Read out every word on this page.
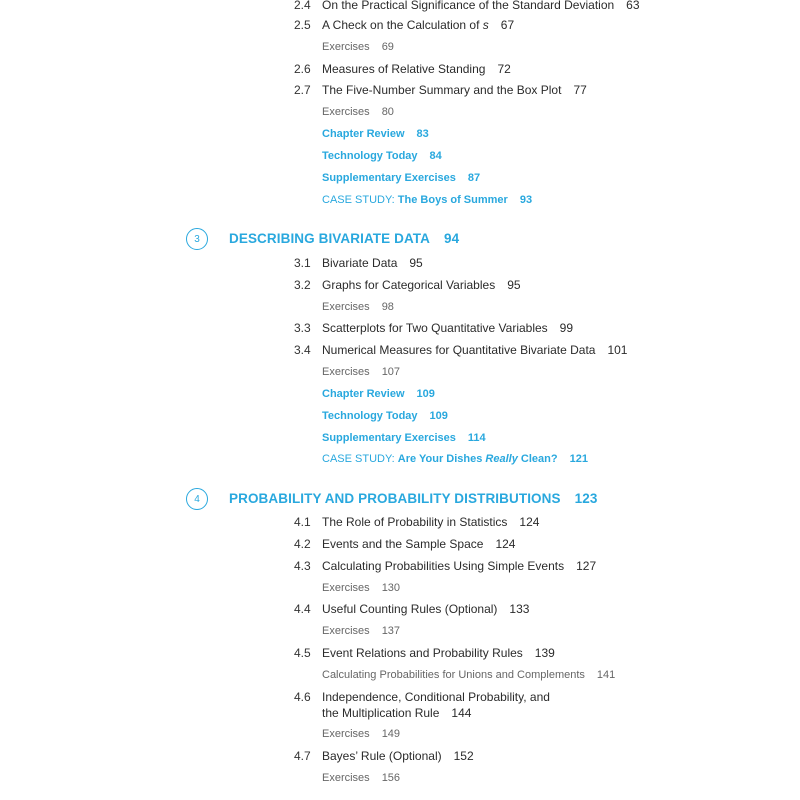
2.4 On the Practical Significance of the Standard Deviation 63
2.5 A Check on the Calculation of s 67
Exercises 69
2.6 Measures of Relative Standing 72
2.7 The Five-Number Summary and the Box Plot 77
Exercises 80
Chapter Review 83
Technology Today 84
Supplementary Exercises 87
CASE STUDY: The Boys of Summer 93
3	DESCRIBING BIVARIATE DATA 94
3.1 Bivariate Data 95
3.2 Graphs for Categorical Variables 95
Exercises 98
3.3 Scatterplots for Two Quantitative Variables 99
3.4 Numerical Measures for Quantitative Bivariate Data 101
Exercises 107
Chapter Review 109
Technology Today 109
Supplementary Exercises 114
CASE STUDY: Are Your Dishes Really Clean? 121
4	PROBABILITY AND PROBABILITY DISTRIBUTIONS 123
4.1 The Role of Probability in Statistics 124
4.2 Events and the Sample Space 124
4.3 Calculating Probabilities Using Simple Events 127
Exercises 130
4.4 Useful Counting Rules (Optional) 133
Exercises 137
4.5 Event Relations and Probability Rules 139
Calculating Probabilities for Unions and Complements 141
4.6 Independence, Conditional Probability, and
the Multiplication Rule 144
Exercises 149
4.7 Bayes’ Rule (Optional) 152
Exercises 156
